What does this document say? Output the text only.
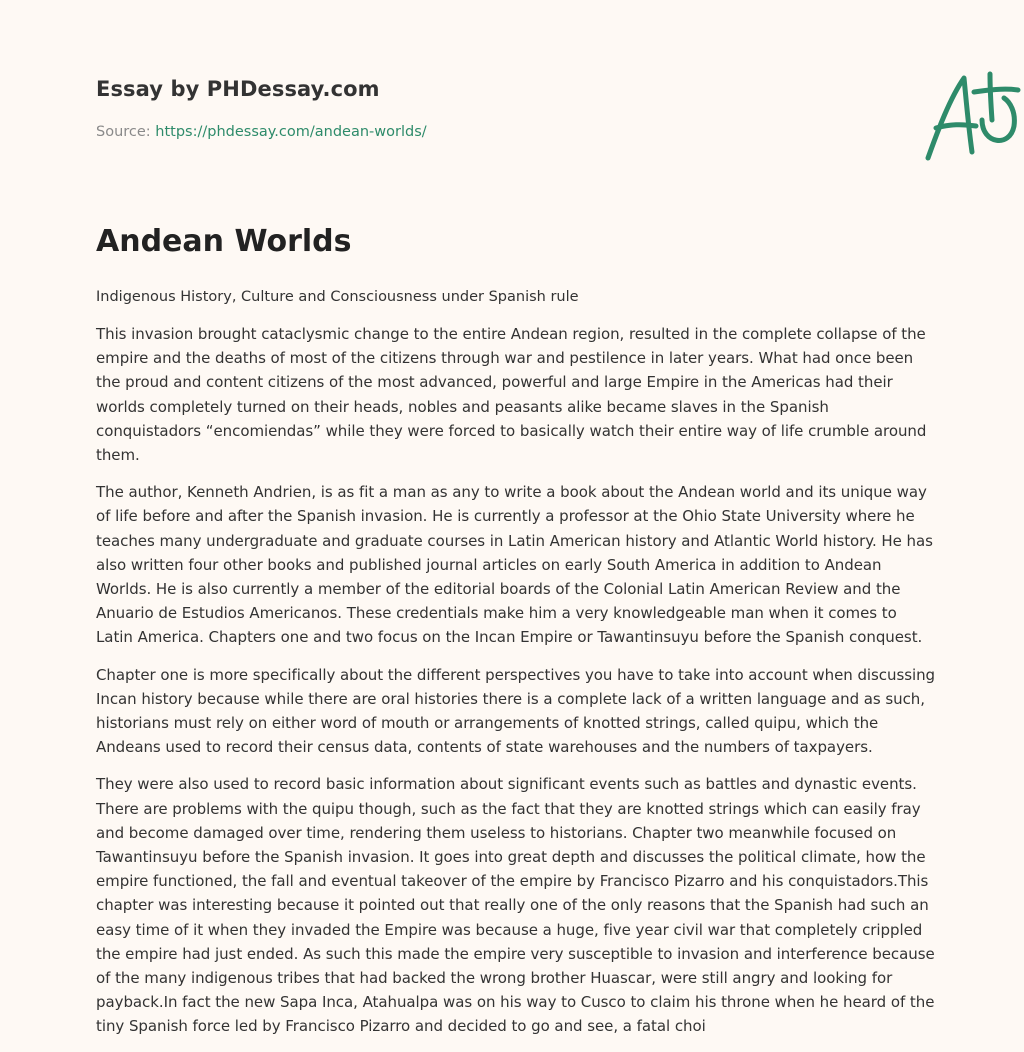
Essay by PHDessay.com
Source: https://phdessay.com/andean-worlds/
Andean Worlds

Indigenous History, Culture and Consciousness under Spanish rule

This invasion brought cataclysmic change to the entire Andean region, resulted in the complete collapse of the empire and the deaths of most of the citizens through war and pestilence in later years. What had once been the proud and content citizens of the most advanced, powerful and large Empire in the Americas had their worlds completely turned on their heads, nobles and peasants alike became slaves in the Spanish conquistadors “encomiendas” while they were forced to basically watch their entire way of life crumble around them.

The author, Kenneth Andrien, is as fit a man as any to write a book about the Andean world and its unique way of life before and after the Spanish invasion. He is currently a professor at the Ohio State University where he teaches many undergraduate and graduate courses in Latin American history and Atlantic World history. He has also written four other books and published journal articles on early South America in addition to Andean Worlds. He is also currently a member of the editorial boards of the Colonial Latin American Review and the Anuario de Estudios Americanos. These credentials make him a very knowledgeable man when it comes to Latin America. Chapters one and two focus on the Incan Empire or Tawantinsuyu before the Spanish conquest.

Chapter one is more specifically about the different perspectives you have to take into account when discussing Incan history because while there are oral histories there is a complete lack of a written language and as such, historians must rely on either word of mouth or arrangements of knotted strings, called quipu, which the Andeans used to record their census data, contents of state warehouses and the numbers of taxpayers.

They were also used to record basic information about significant events such as battles and dynastic events. There are problems with the quipu though, such as the fact that they are knotted strings which can easily fray and become damaged over time, rendering them useless to historians. Chapter two meanwhile focused on Tawantinsuyu before the Spanish invasion. It goes into great depth and discusses the political climate, how the empire functioned, the fall and eventual takeover of the empire by Francisco Pizarro and his conquistadors.This chapter was interesting because it pointed out that really one of the only reasons that the Spanish had such an easy time of it when they invaded the Empire was because a huge, five year civil war that completely crippled the empire had just ended. As such this made the empire very susceptible to invasion and interference because of the many indigenous tribes that had backed the wrong brother Huascar, were still angry and looking for payback.In fact the new Sapa Inca, Atahualpa was on his way to Cusco to claim his throne when he heard of the tiny Spanish force led by Francisco Pizarro and decided to go and see, a fatal choi
